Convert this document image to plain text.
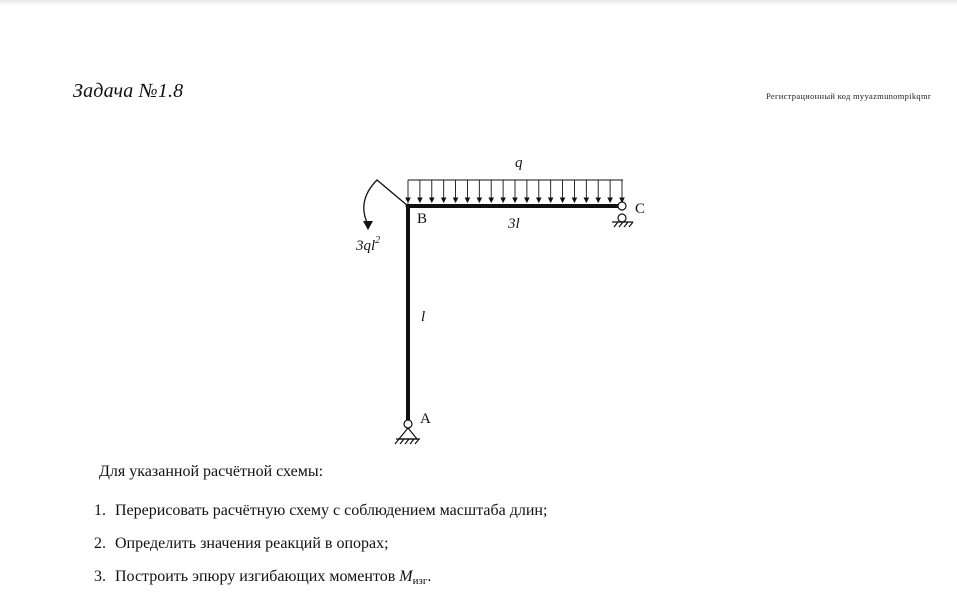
Задача №1.8	Регистрационный код myyazmunompikqmr
q
B
$3ql^2$
3l
l
C
A
Для указанной расчётной схемы:
1. Перерисовать расчётную схему с соблюдением масштаба длин;
2. Определить значения реакций в опорах;
3. Построить эпюру изгибающих моментов Mизг.
